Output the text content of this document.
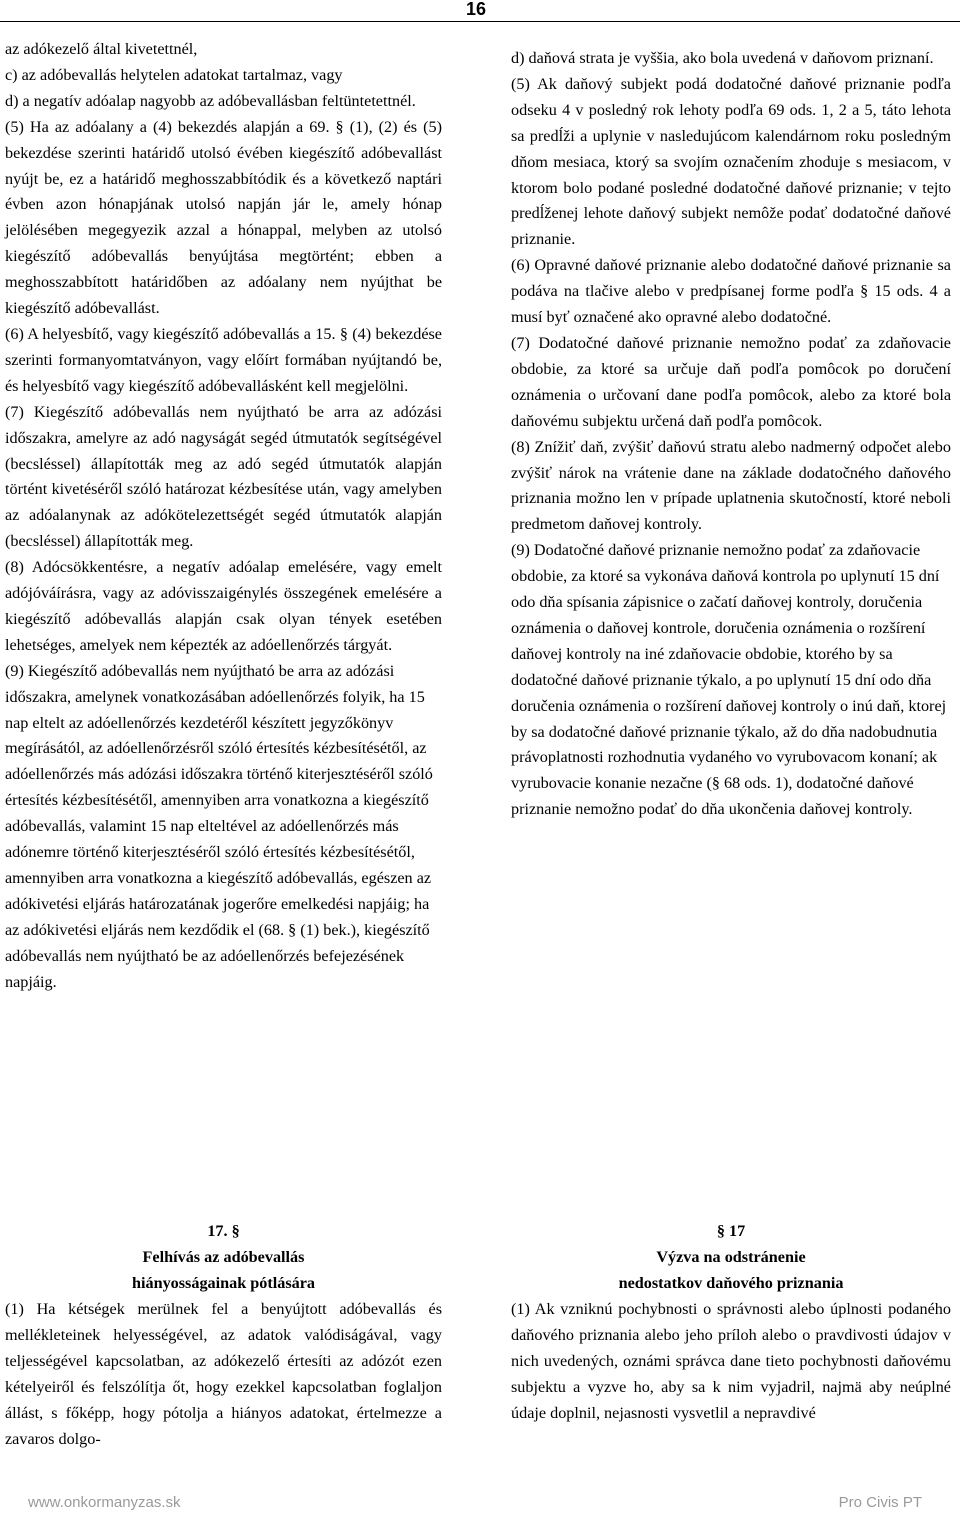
16

az adókezelő által kivetettnél,

c) az adóbevallás helytelen adatokat tartalmaz, vagy

d) a negatív adóalap nagyobb az adóbevallásban feltüntetettnél.

(5) Ha az adóalany a (4) bekezdés alapján a 69. § (1), (2) és (5) bekezdése szerinti határidő utolsó évében kiegészítő adóbevallást nyújt be, ez a határidő meghosszabbítódik és a következő naptári évben azon hónapjának utolsó napján jár le, amely hónap jelölésében megegyezik azzal a hónappal, melyben az utolsó kiegészítő adóbevallás benyújtása megtörtént; ebben a meghosszabbított határidőben az adóalany nem nyújthat be kiegészítő adóbevallást.

(6) A helyesbítő, vagy kiegészítő adóbevallás a 15. § (4) bekezdése szerinti formanyomtatványon, vagy előírt formában nyújtandó be, és helyesbítő vagy kiegészítő adóbevallásként kell megjelölni.

(7) Kiegészítő adóbevallás nem nyújtható be arra az adózási időszakra, amelyre az adó nagyságát segéd útmutatók segítségével (becsléssel) állapították meg az adó segéd útmutatók alapján történt kivetéséről szóló határozat kézbesítése után, vagy amelyben az adóalanynak az adókötelezettségét segéd útmutatók alapján (becsléssel) állapították meg.

(8) Adócsökkentésre, a negatív adóalap emelésére, vagy emelt adójóváírásra, vagy az adóvisszaigénylés összegének emelésére a kiegészítő adóbevallás alapján csak olyan tények esetében lehetséges, amelyek nem képezték az adóellenőrzés tárgyát.

(9) Kiegészítő adóbevallás nem nyújtható be arra az adózási időszakra, amelynek vonatkozásában adóellenőrzés folyik, ha 15 nap eltelt az adóellenőrzés kezdetéről készített jegyzőkönyv megírásától, az adóellenőrzésről szóló értesítés kézbesítésétől, az adóellenőrzés más adózási időszakra történő kiterjesztéséről szóló értesítés kézbesítésétől, amennyiben arra vonatkozna a kiegészítő adóbevallás, valamint 15 nap elteltével az adóellenőrzés más adónemre történő kiterjesztéséről szóló értesítés kézbesítésétől, amennyiben arra vonatkozna a kiegészítő adóbevallás, egészen az adókivetési eljárás határozatának jogerőre emelkedési napjáig; ha az adókivetési eljárás nem kezdődik el (68. § (1) bek.), kiegészítő adóbevallás nem nyújtható be az adóellenőrzés befejezésének napjáig.

d) daňová strata je vyššia, ako bola uvedená v daňovom priznaní.

(5) Ak daňový subjekt podá dodatočné daňové priznanie podľa odseku 4 v posledný rok lehoty podľa 69 ods. 1, 2 a 5, táto lehota sa predĺži a uplynie v nasledujúcom kalendárnom roku posledným dňom mesiaca, ktorý sa svojím označením zhoduje s mesiacom, v ktorom bolo podané posledné dodatočné daňové priznanie; v tejto predĺženej lehote daňový subjekt nemôže podať dodatočné daňové priznanie.

(6) Opravné daňové priznanie alebo dodatočné daňové priznanie sa podáva na tlačive alebo v predpísanej forme podľa § 15 ods. 4 a musí byť označené ako opravné alebo dodatočné.

(7) Dodatočné daňové priznanie nemožno podať za zdaňovacie obdobie, za ktoré sa určuje daň podľa pomôcok po doručení oznámenia o určovaní dane podľa pomôcok, alebo za ktoré bola daňovému subjektu určená daň podľa pomôcok.

(8) Znížiť daň, zvýšiť daňovú stratu alebo nadmerný odpočet alebo zvýšiť nárok na vrátenie dane na základe dodatočného daňového priznania možno len v prípade uplatnenia skutočností, ktoré neboli predmetom daňovej kontroly.

(9) Dodatočné daňové priznanie nemožno podať za zdaňovacie obdobie, za ktoré sa vykonáva daňová kontrola po uplynutí 15 dní odo dňa spísania zápisnice o začatí daňovej kontroly, doručenia oznámenia o daňovej kontrole, doručenia oznámenia o rozšírení daňovej kontroly na iné zdaňovacie obdobie, ktorého by sa dodatočné daňové priznanie týkalo, a po uplynutí 15 dní odo dňa doručenia oznámenia o rozšírení daňovej kontroly o inú daň, ktorej by sa dodatočné daňové priznanie týkalo, až do dňa nadobudnutia právoplatnosti rozhodnutia vydaného vo vyrubovacom konaní; ak vyrubovacie konanie nezačne (§ 68 ods. 1), dodatočné daňové priznanie nemožno podať do dňa ukončenia daňovej kontroly.

17. §
Felhívás az adóbevallás
hiányosságainak pótlására
§ 17
Výzva na odstránenie
nedostatkov daňového priznania
(1) Ha kétségek merülnek fel a benyújtott adóbevallás és mellékleteinek helyességével, az adatok valódiságával, vagy teljességével kapcsolatban, az adókezelő értesíti az adózót ezen kételyeiről és felszólítja őt, hogy ezekkel kapcsolatban foglaljon állást, s főképp, hogy pótolja a hiányos adatokat, értelmezze a zavaros dolgo-
(1) Ak vzniknú pochybnosti o správnosti alebo úplnosti podaného daňového priznania alebo jeho príloh alebo o pravdivosti údajov v nich uvedených, oznámi správca dane tieto pochybnosti daňovému subjektu a vyzve ho, aby sa k nim vyjadril, najmä aby neúplné údaje doplnil, nejasnosti vysvetlil a nepravdivé
www.onkormanyzas.sk	Pro Civis PT
